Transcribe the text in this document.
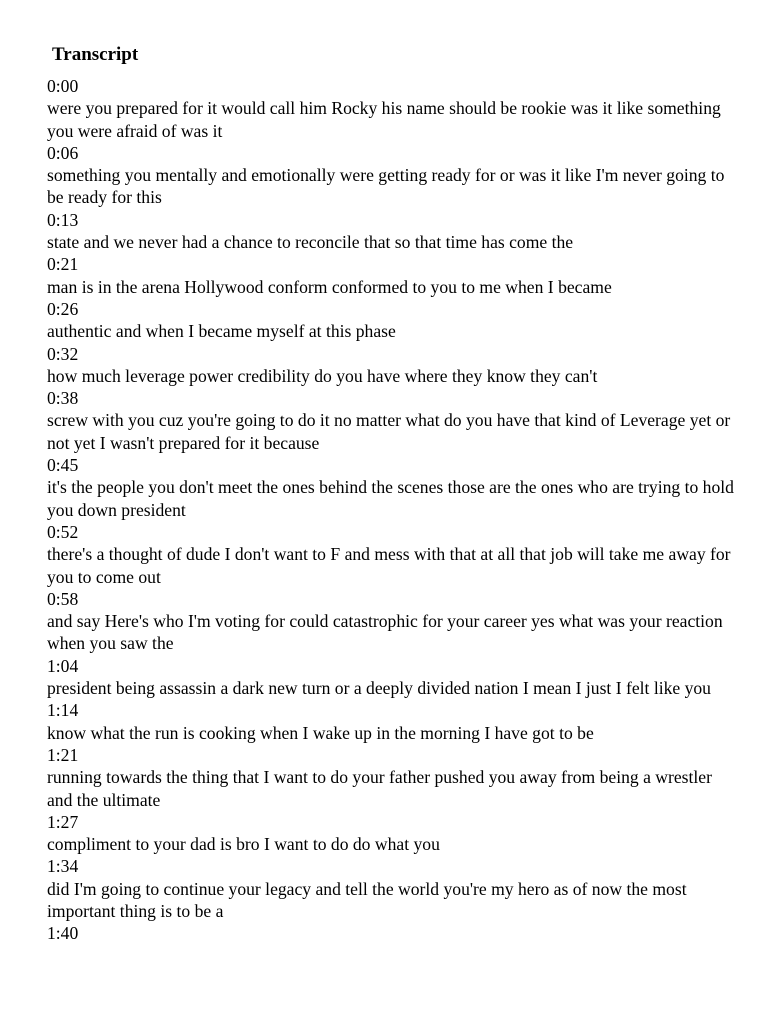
Transcript
0:00
were you prepared for it would call him Rocky his name should be rookie was it like something you were afraid of was it
0:06
something you mentally and emotionally were getting ready for or was it like I'm never going to be ready for this
0:13
state and we never had a chance to reconcile that so that time has come the
0:21
man is in the arena Hollywood conform conformed to you to me when I became
0:26
authentic and when I became myself at this phase
0:32
how much leverage power credibility do you have where they know they can't
0:38
screw with you cuz you're going to do it no matter what do you have that kind of Leverage yet or not yet I wasn't prepared for it because
0:45
it's the people you don't meet the ones behind the scenes those are the ones who are trying to hold you down president
0:52
there's a thought of dude I don't want to F and mess with that at all that job will take me away for you to come out
0:58
and say Here's who I'm voting for could catastrophic for your career yes what was your reaction when you saw the
1:04
president being assassin a dark new turn or a deeply divided nation I mean I just I felt like you
1:14
know what the run is cooking when I wake up in the morning I have got to be
1:21
running towards the thing that I want to do your father pushed you away from being a wrestler and the ultimate
1:27
compliment to your dad is bro I want to do do what you
1:34
did I'm going to continue your legacy and tell the world you're my hero as of now the most important thing is to be a
1:40
